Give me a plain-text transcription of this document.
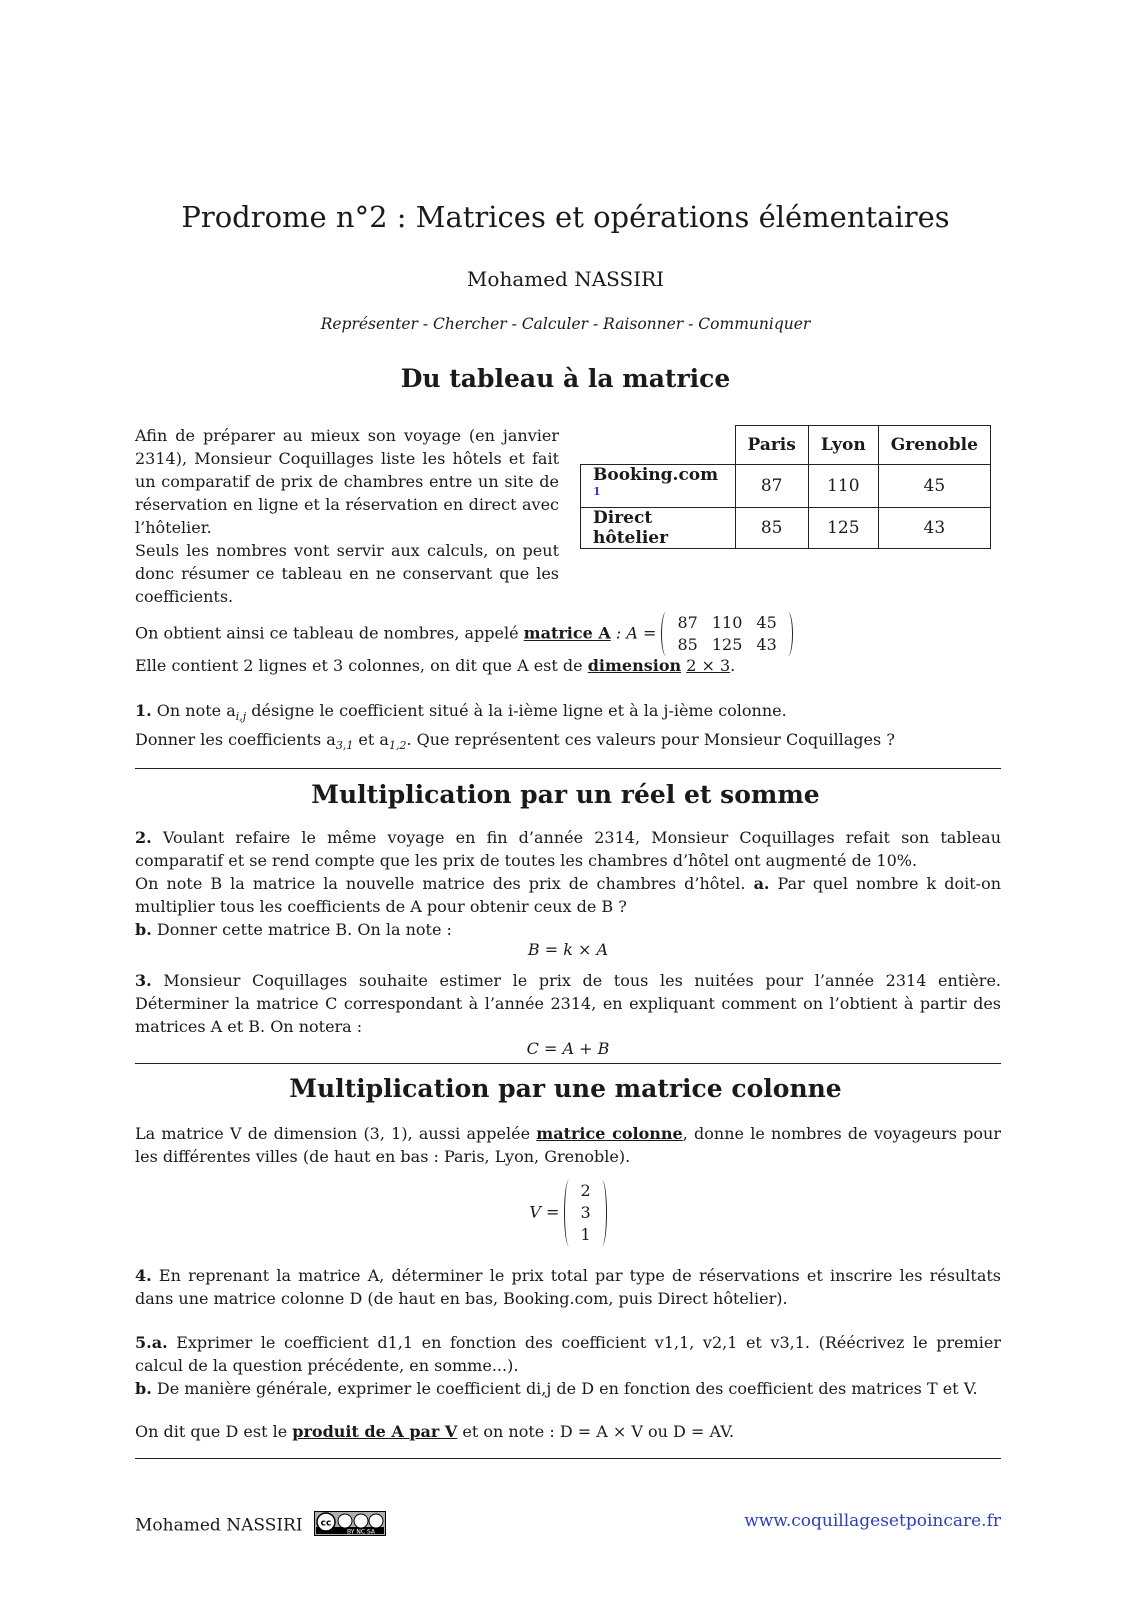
Prodrome n°2 : Matrices et opérations élémentaires
Mohamed NASSIRI
Représenter - Chercher - Calculer - Raisonner - Communiquer
Du tableau à la matrice

Afin de préparer au mieux son voyage (en janvier 2314), Monsieur Coquillages liste les hôtels et fait un comparatif de prix de chambres entre un site de réservation en ligne et la réservation en direct avec l’hôtelier.

Seuls les nombres vont servir aux calculs, on peut donc résumer ce tableau en ne conservant que les coefficients.

	Paris	Lyon	Grenoble
Booking.com $^1$	87	110	45
Direct hôtelier	85	125	43
On obtient ainsi ce tableau de nombres, appelé matrice A : A =
87	110	45
85	125	43
Elle contient 2 lignes et 3 colonnes, on dit que A est de dimension 2 × 3.
1. On note $a_{i,j}$ désigne le coefficient situé à la i-ième ligne et à la j-ième colonne.
Donner les coefficients $a_{3,1}$ et $a_{1,2}$. Que représentent ces valeurs pour Monsieur Coquillages ?
Multiplication par un réel et somme
2. Voulant refaire le même voyage en fin d’année 2314, Monsieur Coquillages refait son tableau comparatif et se rend compte que les prix de toutes les chambres d’hôtel ont augmenté de 10%.
On note B la matrice la nouvelle matrice des prix de chambres d’hôtel. a. Par quel nombre k doit-on multiplier tous les coefficients de A pour obtenir ceux de B ?
b. Donner cette matrice B. On la note :
B = k × A
3. Monsieur Coquillages souhaite estimer le prix de tous les nuitées pour l’année 2314 entière. Déterminer la matrice C correspondant à l’année 2314, en expliquant comment on l’obtient à partir des matrices A et B. On notera :
C = A + B
Multiplication par une matrice colonne
La matrice V de dimension (3, 1), aussi appelée matrice colonne, donne le nombres de voyageurs pour les différentes villes (de haut en bas : Paris, Lyon, Grenoble).
V =
2
3
1
4. En reprenant la matrice A, déterminer le prix total par type de réservations et inscrire les résultats dans une matrice colonne D (de haut en bas, Booking.com, puis Direct hôtelier).
5.a. Exprimer le coefficient d1,1 en fonction des coefficient v1,1, v2,1 et v3,1. (Réécrivez le premier calcul de la question précédente, en somme...).
b. De manière générale, exprimer le coefficient di,j de D en fonction des coefficient des matrices T et V.
On dit que D est le produit de A par V et on note : D = A × V ou D = AV.
Mohamed NASSIRI cc
BY NC SA
www.coquillagesetpoincare.fr
